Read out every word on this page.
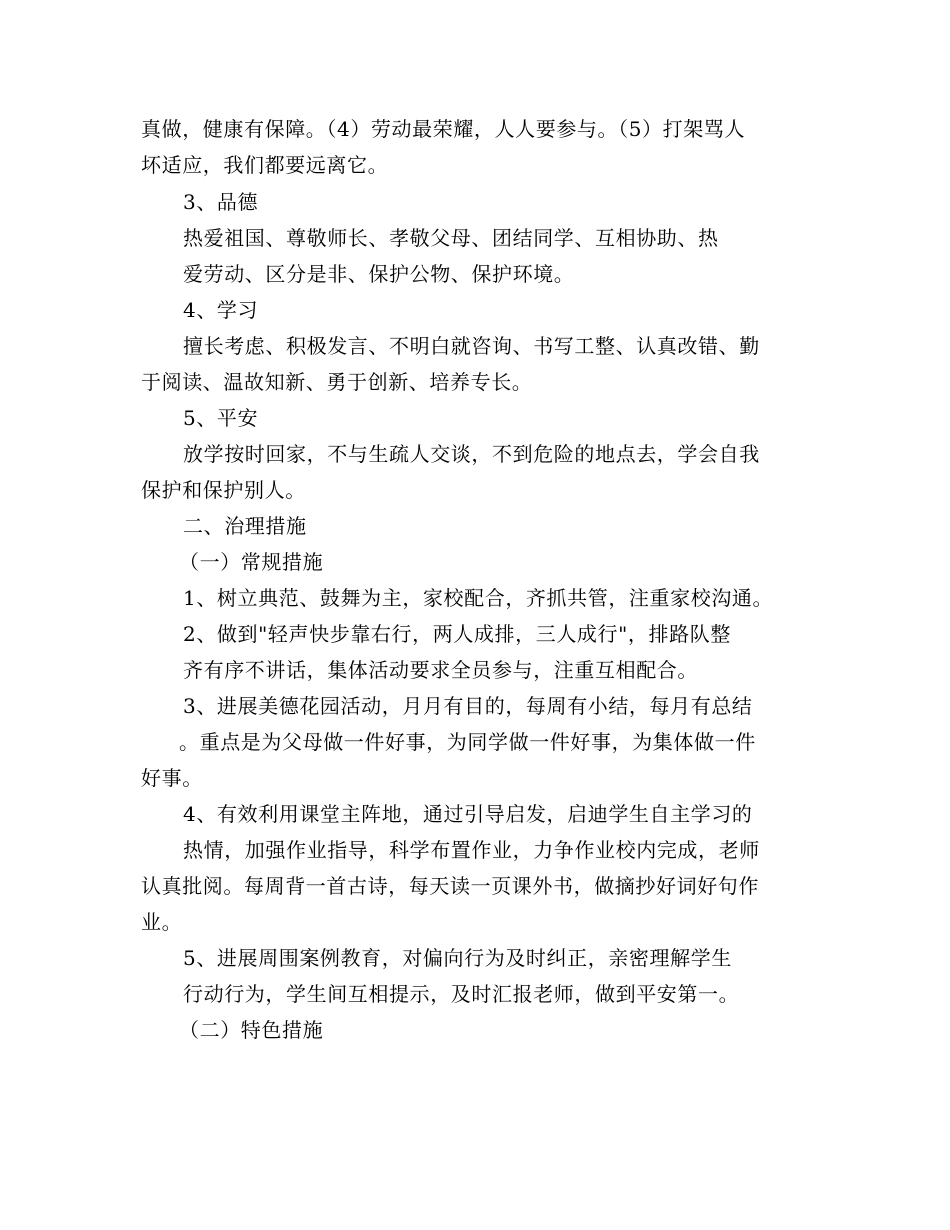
真做，健康有保障。（4）劳动最荣耀，人人要参与。（5）打架骂人
坏适应，我们都要远离它。
3、品德
热爱祖国、尊敬师长、孝敬父母、团结同学、互相协助、热
爱劳动、区分是非、保护公物、保护环境。
4、学习
擅长考虑、积极发言、不明白就咨询、书写工整、认真改错、勤
于阅读、温故知新、勇于创新、培养专长。
5、平安
放学按时回家，不与生疏人交谈，不到危险的地点去，学会自我
保护和保护别人。
二、治理措施
（一）常规措施
1、树立典范、鼓舞为主，家校配合，齐抓共管，注重家校沟通。
2、做到"轻声快步靠右行，两人成排，三人成行"，排路队整
齐有序不讲话，集体活动要求全员参与，注重互相配合。
3、进展美德花园活动，月月有目的，每周有小结，每月有总结
。重点是为父母做一件好事，为同学做一件好事，为集体做一件
好事。
4、有效利用课堂主阵地，通过引导启发，启迪学生自主学习的
热情，加强作业指导，科学布置作业，力争作业校内完成，老师
认真批阅。每周背一首古诗，每天读一页课外书，做摘抄好词好句作
业。
5、进展周围案例教育，对偏向行为及时纠正，亲密理解学生
行动行为，学生间互相提示，及时汇报老师，做到平安第一。
（二）特色措施
